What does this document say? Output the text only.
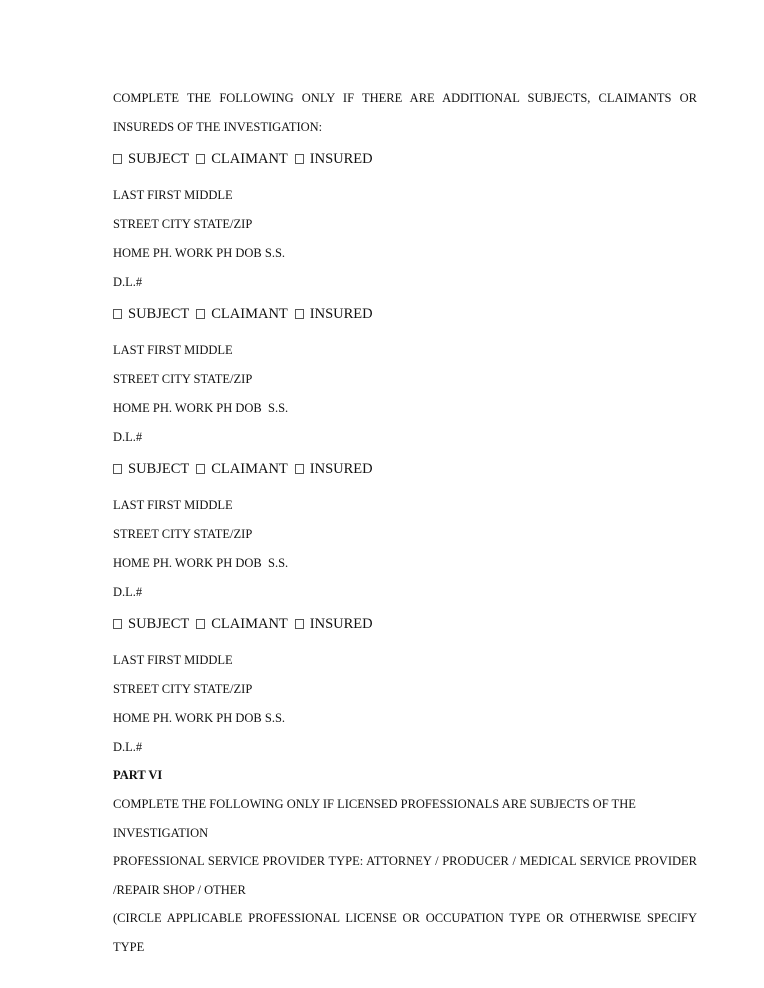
COMPLETE THE FOLLOWING ONLY IF THERE ARE ADDITIONAL SUBJECTS, CLAIMANTS OR
INSUREDS OF THE INVESTIGATION:
SUBJECT CLAIMANT INSURED
LAST FIRST MIDDLE
STREET CITY STATE/ZIP
HOME PH. WORK PH DOB S.S.
D.L.#
SUBJECT CLAIMANT INSURED
LAST FIRST MIDDLE
STREET CITY STATE/ZIP
HOME PH. WORK PH DOB  S.S.
D.L.#
SUBJECT CLAIMANT INSURED
LAST FIRST MIDDLE
STREET CITY STATE/ZIP
HOME PH. WORK PH DOB  S.S.
D.L.#
SUBJECT CLAIMANT INSURED
LAST FIRST MIDDLE
STREET CITY STATE/ZIP
HOME PH. WORK PH DOB S.S.
D.L.#
PART VI
COMPLETE THE FOLLOWING ONLY IF LICENSED PROFESSIONALS ARE SUBJECTS OF THE
INVESTIGATION
PROFESSIONAL SERVICE PROVIDER TYPE: ATTORNEY / PRODUCER / MEDICAL SERVICE PROVIDER
/REPAIR SHOP / OTHER
(CIRCLE APPLICABLE PROFESSIONAL LICENSE OR OCCUPATION TYPE OR OTHERWISE SPECIFY
TYPE
